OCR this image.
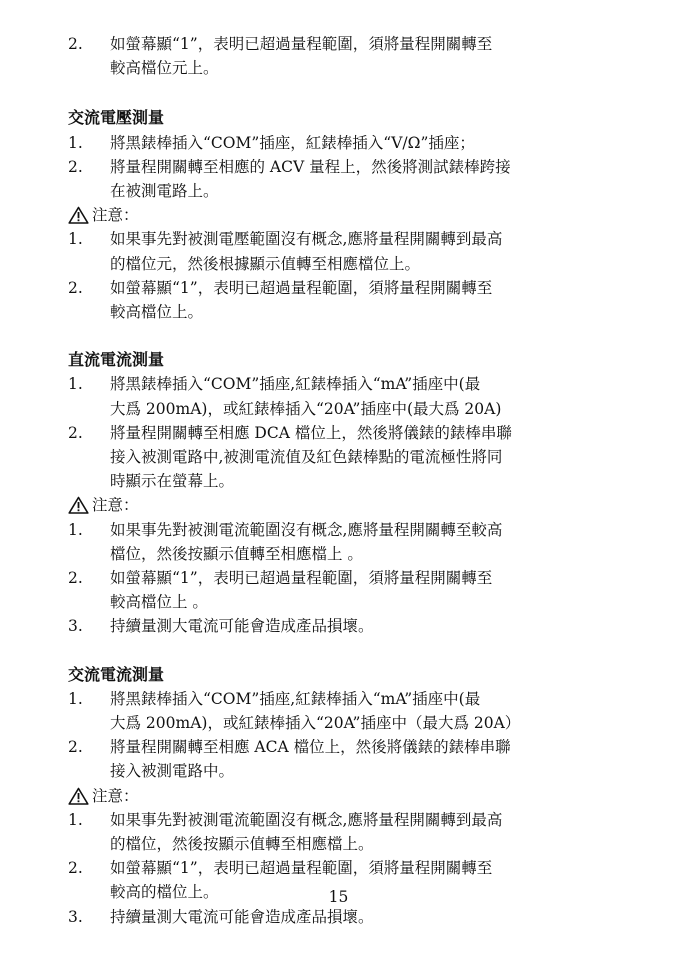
2. 如螢幕顯“1”，表明已超過量程範圍，須將量程開關轉至
較高檔位元上。
交流電壓測量
1. 將黑錶棒插入“COM”插座，紅錶棒插入“V/Ω”插座；
2. 將量程開關轉至相應的 ACV 量程上，然後將測試錶棒跨接
在被測電路上。
注意：
1. 如果事先對被測電壓範圍沒有概念,應將量程開關轉到最高
的檔位元，然後根據顯示值轉至相應檔位上。
2. 如螢幕顯“1”，表明已超過量程範圍，須將量程開關轉至
較高檔位上。
直流電流測量
1. 將黑錶棒插入“COM”插座,紅錶棒插入“mA”插座中(最
大爲 200mA)，或紅錶棒插入“20A”插座中(最大爲 20A)
2. 將量程開關轉至相應 DCA 檔位上，然後將儀錶的錶棒串聯
接入被測電路中,被測電流值及紅色錶棒點的電流極性將同
時顯示在螢幕上。
注意：
1. 如果事先對被測電流範圍沒有概念,應將量程開關轉至較高
檔位，然後按顯示值轉至相應檔上 。
2. 如螢幕顯“1”，表明已超過量程範圍，須將量程開關轉至
較高檔位上 。
3. 持續量測大電流可能會造成產品損壞。
交流電流測量
1. 將黑錶棒插入“COM”插座,紅錶棒插入“mA”插座中(最
大爲 200mA)，或紅錶棒插入“20A”插座中（最大爲 20A）
2. 將量程開關轉至相應 ACA 檔位上，然後將儀錶的錶棒串聯
接入被測電路中。
注意：
1. 如果事先對被測電流範圍沒有概念,應將量程開關轉到最高
的檔位，然後按顯示值轉至相應檔上。
2. 如螢幕顯“1”，表明已超過量程範圍，須將量程開關轉至
較高的檔位上。
3. 持續量測大電流可能會造成產品損壞。
15
